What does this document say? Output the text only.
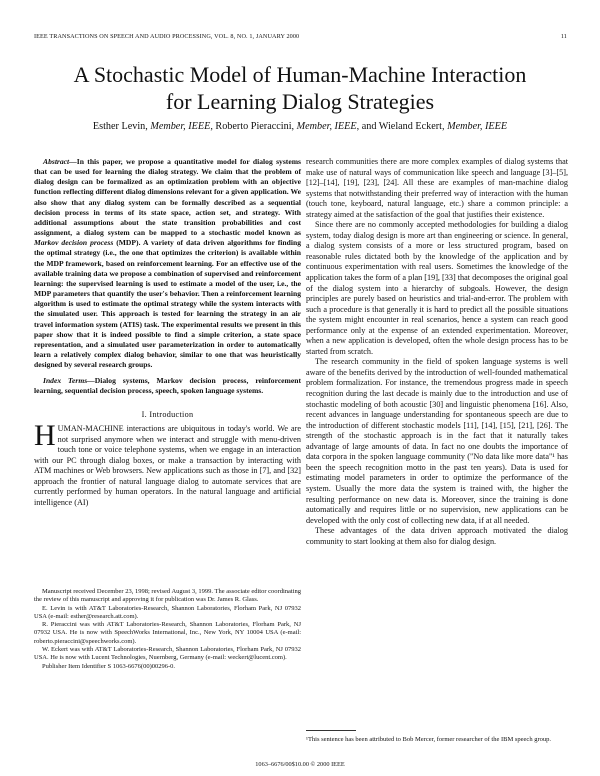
IEEE TRANSACTIONS ON SPEECH AND AUDIO PROCESSING, VOL. 8, NO. 1, JANUARY 2000	11
A Stochastic Model of Human-Machine Interaction
for Learning Dialog Strategies
Esther Levin, Member, IEEE, Roberto Pieraccini, Member, IEEE, and Wieland Eckert, Member, IEEE

Abstract—In this paper, we propose a quantitative model for dialog systems that can be used for learning the dialog strategy. We claim that the problem of dialog design can be formalized as an optimization problem with an objective function reflecting different dialog dimensions relevant for a given application. We also show that any dialog system can be formally described as a sequential decision process in terms of its state space, action set, and strategy. With additional assumptions about the state transition probabilities and cost assignment, a dialog system can be mapped to a stochastic model known as Markov decision process (MDP). A variety of data driven algorithms for finding the optimal strategy (i.e., the one that optimizes the criterion) is available within the MDP framework, based on reinforcement learning. For an effective use of the available training data we propose a combination of supervised and reinforcement learning: the supervised learning is used to estimate a model of the user, i.e., the MDP parameters that quantify the user's behavior. Then a reinforcement learning algorithm is used to estimate the optimal strategy while the system interacts with the simulated user. This approach is tested for learning the strategy in an air travel information system (ATIS) task. The experimental results we present in this paper show that it is indeed possible to find a simple criterion, a state space representation, and a simulated user parameterization in order to automatically learn a relatively complex dialog behavior, similar to one that was heuristically designed by several research groups.

Index Terms—Dialog systems, Markov decision process, reinforcement learning, sequential decision process, speech, spoken language systems.

I. Introduction

HUMAN-MACHINE interactions are ubiquitous in today's world. We are not surprised anymore when we interact and struggle with menu-driven touch tone or voice telephone systems, when we engage in an interaction with our PC through dialog boxes, or make a transaction by interacting with ATM machines or Web browsers. New applications such as those in [7], and [32] approach the frontier of natural language dialog to automate services that are currently performed by human operators. In the natural language and artificial intelligence (AI)

Manuscript received December 23, 1998; revised August 3, 1999. The associate editor coordinating the review of this manuscript and approving it for publication was Dr. James R. Glass.

E. Levin is with AT&T Laboratories-Research, Shannon Laboratories, Florham Park, NJ 07932 USA (e-mail: esther@research.att.com).

R. Pieraccini was with AT&T Laboratories-Research, Shannon Laboratories, Florham Park, NJ 07932 USA. He is now with SpeechWorks International, Inc., New York, NY 10004 USA (e-mail: roberto.pieraccini@speechworks.com).

W. Eckert was with AT&T Laboratories-Research, Shannon Laboratories, Florham Park, NJ 07932 USA. He is now with Lucent Technologies, Nuernberg, Germany (e-mail: weckert@lucent.com).

Publisher Item Identifier S 1063-6676(00)00296-0.

research communities there are more complex examples of dialog systems that make use of natural ways of communication like speech and language [3]–[5], [12]–[14], [19], [23], [24]. All these are examples of man-machine dialog systems that notwithstanding their preferred way of interaction with the human (touch tone, keyboard, natural language, etc.) share a common principle: a strategy aimed at the satisfaction of the goal that justifies their existence.

Since there are no commonly accepted methodologies for building a dialog system, today dialog design is more art than engineering or science. In general, a dialog system consists of a more or less structured program, based on reasonable rules dictated both by the knowledge of the application and by continuous experimentation with real users. Sometimes the knowledge of the application takes the form of a plan [19], [33] that decomposes the original goal of the dialog system into a hierarchy of subgoals. However, the design principles are purely based on heuristics and trial-and-error. The problem with such a procedure is that generally it is hard to predict all the possible situations the system might encounter in real scenarios, hence a system can reach good performance only at the expense of an extended experimentation. Moreover, when a new application is developed, often the whole design process has to be started from scratch.

The research community in the field of spoken language systems is well aware of the benefits derived by the introduction of well-founded mathematical problem formalization. For instance, the tremendous progress made in speech recognition during the last decade is mainly due to the introduction and use of stochastic modeling of both acoustic [30] and linguistic phenomena [16]. Also, recent advances in language understanding for spontaneous speech are due to the introduction of different stochastic models [11], [14], [15], [21], [26]. The strength of the stochastic approach is in the fact that it naturally takes advantage of large amounts of data. In fact no one doubts the importance of data corpora in the spoken language community ("No data like more data"¹ has been the speech recognition motto in the past ten years). Data is used for estimating model parameters in order to optimize the performance of the system. Usually the more data the system is trained with, the higher the resulting performance on new data is. Moreover, since the training is done automatically and requires little or no supervision, new applications can be developed with the only cost of collecting new data, if at all needed.

These advantages of the data driven approach motivated the dialog community to start looking at them also for dialog design.

¹This sentence has been attributed to Bob Mercer, former researcher of the IBM speech group.
1063–6676/00$10.00 © 2000 IEEE
